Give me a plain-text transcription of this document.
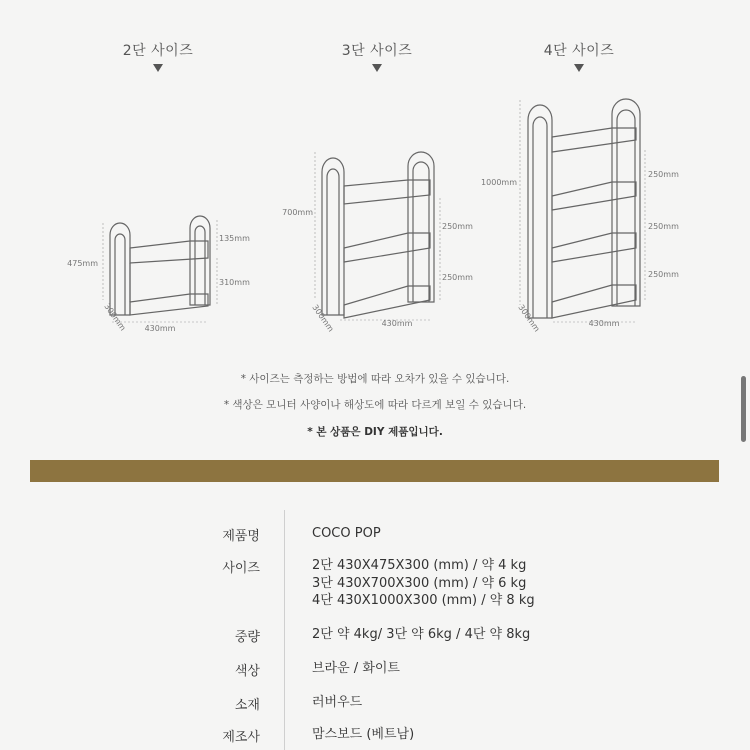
2단 사이즈	3단 사이즈	4단 사이즈
475mm
135mm
310mm
430mm
300mm
700mm
250mm
250mm
430mm
300mm
1000mm
250mm
250mm
250mm
430mm
300mm
* 사이즈는 측정하는 방법에 따라 오차가 있을 수 있습니다.
* 색상은 모니터 사양이나 해상도에 따라 다르게 보일 수 있습니다.
* 본 상품은 DIY 제품입니다.
제품명	COCO POP
사이즈	2단 430X475X300 (mm) / 약 4 kg
3단 430X700X300 (mm) / 약 6 kg
4단 430X1000X300 (mm) / 약 8 kg
중량	2단 약 4kg/ 3단 약 6kg / 4단 약 8kg
색상	브라운 / 화이트
소재	러버우드
제조사	맘스보드 (베트남)
